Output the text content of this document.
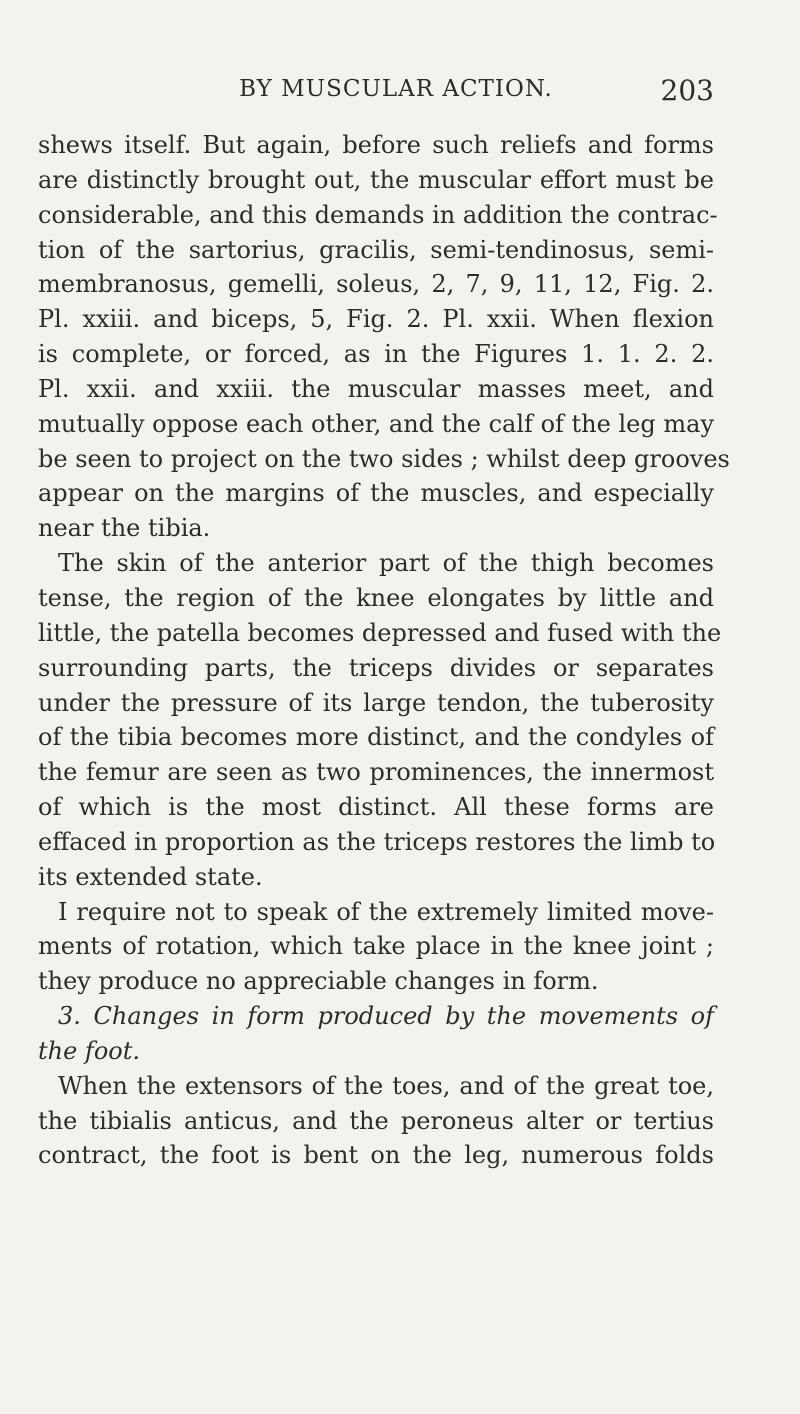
BY MUSCULAR ACTION.	203
shews itself. But again, before such reliefs and forms
are distinctly brought out, the muscular effort must be
considerable, and this demands in addition the contrac-
tion of the sartorius, gracilis, semi-tendinosus, semi-
membranosus, gemelli, soleus, 2, 7, 9, 11, 12, Fig. 2.
Pl. xxiii. and biceps, 5, Fig. 2. Pl. xxii. When flexion
is complete, or forced, as in the Figures 1. 1. 2. 2.
Pl. xxii. and xxiii. the muscular masses meet, and
mutually oppose each other, and the calf of the leg may
be seen to project on the two sides ; whilst deep grooves
appear on the margins of the muscles, and especially
near the tibia.
The skin of the anterior part of the thigh becomes
tense, the region of the knee elongates by little and
little, the patella becomes depressed and fused with the
surrounding parts, the triceps divides or separates
under the pressure of its large tendon, the tuberosity
of the tibia becomes more distinct, and the condyles of
the femur are seen as two prominences, the innermost
of which is the most distinct. All these forms are
effaced in proportion as the triceps restores the limb to
its extended state.
I require not to speak of the extremely limited move-
ments of rotation, which take place in the knee joint ;
they produce no appreciable changes in form.
3. Changes in form produced by the movements of
the foot.
When the extensors of the toes, and of the great toe,
the tibialis anticus, and the peroneus alter or tertius
contract, the foot is bent on the leg, numerous folds
